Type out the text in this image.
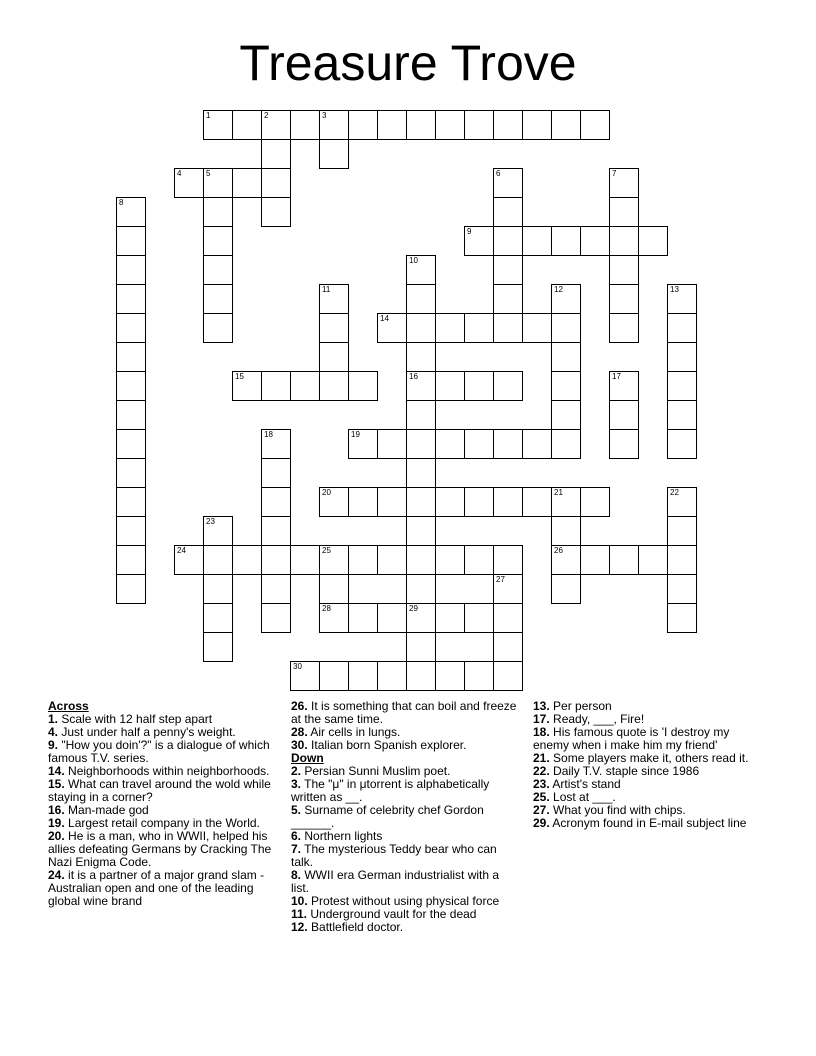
Treasure Trove
1	2	3
4	5
9
14
15	16
19
20	21
24	25	26
28	29
30
6	7
8
10
11	12	13
17
18
22
23
27
Across
1. Scale with 12 half step apart
4. Just under half a penny's weight.
9. "How you doin'?" is a dialogue of which famous T.V. series.
14. Neighborhoods within neighborhoods.
15. What can travel around the wold while staying in a corner?
16. Man-made god
19. Largest retail company in the World.
20. He is a man, who in WWII, helped his allies defeating Germans by Cracking The Nazi Enigma Code.
24. it is a partner of a major grand slam - Australian open and one of the leading global wine brand
26. It is something that can boil and freeze at the same time.
28. Air cells in lungs.
30. Italian born Spanish explorer.
Down
2. Persian Sunni Muslim poet.
3. The "μ" in μtorrent is alphabetically written as __.
5. Surname of celebrity chef Gordon ______.
6. Northern lights
7. The mysterious Teddy bear who can talk.
8. WWII era German industrialist with a list.
10. Protest without using physical force
11. Underground vault for the dead
12. Battlefield doctor.
13. Per person
17. Ready, ___, Fire!
18. His famous quote is 'I destroy my enemy when i make him my friend'
21. Some players make it, others read it.
22. Daily T.V. staple since 1986
23. Artist's stand
25. Lost at ___.
27. What you find with chips.
29. Acronym found in E-mail subject line
